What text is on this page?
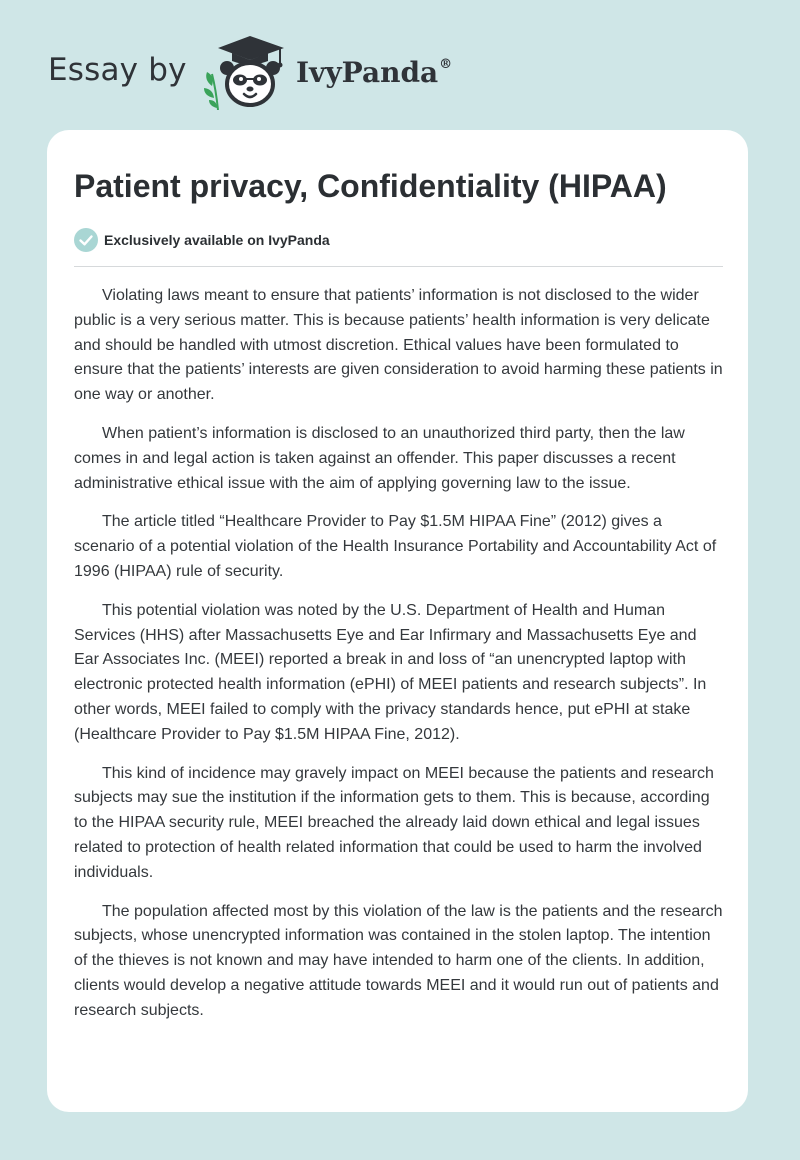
Essay by	IvyPanda®
Patient privacy, Confidentiality (HIPAA)
Exclusively available on IvyPanda

Violating laws meant to ensure that patients’ information is not disclosed to the wider public is a very serious matter. This is because patients’ health information is very delicate and should be handled with utmost discretion. Ethical values have been formulated to ensure that the patients’ interests are given consideration to avoid harming these patients in one way or another.

When patient’s information is disclosed to an unauthorized third party, then the law comes in and legal action is taken against an offender. This paper discusses a recent administrative ethical issue with the aim of applying governing law to the issue.

The article titled “Healthcare Provider to Pay $1.5M HIPAA Fine” (2012) gives a scenario of a potential violation of the Health Insurance Portability and Accountability Act of 1996 (HIPAA) rule of security.

This potential violation was noted by the U.S. Department of Health and Human Services (HHS) after Massachusetts Eye and Ear Infirmary and Massachusetts Eye and Ear Associates Inc. (MEEI) reported a break in and loss of “an unencrypted laptop with electronic protected health information (ePHI) of MEEI patients and research subjects”. In other words, MEEI failed to comply with the privacy standards hence, put ePHI at stake (Healthcare Provider to Pay $1.5M HIPAA Fine, 2012).

This kind of incidence may gravely impact on MEEI because the patients and research subjects may sue the institution if the information gets to them. This is because, according to the HIPAA security rule, MEEI breached the already laid down ethical and legal issues related to protection of health related information that could be used to harm the involved individuals.

The population affected most by this violation of the law is the patients and the research subjects, whose unencrypted information was contained in the stolen laptop. The intention of the thieves is not known and may have intended to harm one of the clients. In addition, clients would develop a negative attitude towards MEEI and it would run out of patients and research subjects.
